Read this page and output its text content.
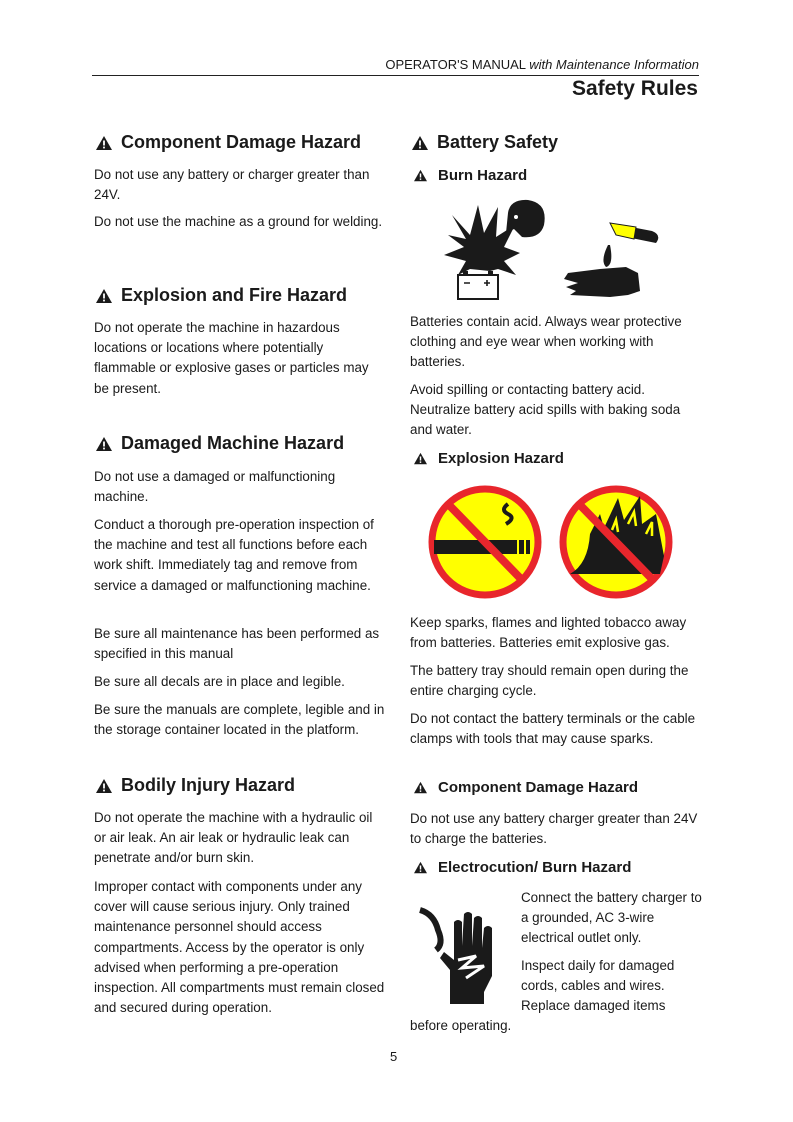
OPERATOR'S MANUAL with Maintenance Information
Safety Rules
Component Damage Hazard
Do not use any battery or charger greater than 24V.
Do not use the machine as a ground for welding.
Explosion and Fire Hazard
Do not operate the machine in hazardous locations or locations where potentially flammable or explosive gases or particles may be present.
Damaged Machine Hazard
Do not use a damaged or malfunctioning machine.
Conduct a thorough pre-operation inspection of the machine and test all functions before each work shift. Immediately tag and remove from service a damaged or malfunctioning machine.
Be sure all maintenance has been performed as specified in this manual
Be sure all decals are in place and legible.
Be sure the manuals are complete, legible and in the storage container located in the platform.
Bodily Injury Hazard
Do not operate the machine with a hydraulic oil or air leak. An air leak or hydraulic leak can penetrate and/or burn skin.
Improper contact with components under any cover will cause serious injury. Only trained maintenance personnel should access compartments. Access by the operator is only advised when performing a pre-operation inspection. All compartments must remain closed and secured during operation.
Battery Safety
Burn Hazard
Batteries contain acid. Always wear protective clothing and eye wear when working with batteries.
Avoid spilling or contacting battery acid. Neutralize battery acid spills with baking soda and water.
Explosion Hazard
Keep sparks, flames and lighted tobacco away from batteries. Batteries emit explosive gas.
The battery tray should remain open during the entire charging cycle.
Do not contact the battery terminals or the cable clamps with tools that may cause sparks.
Component Damage Hazard
Do not use any battery charger greater than 24V to charge the batteries.
Electrocution/ Burn Hazard
Connect the battery charger to a grounded, AC 3-wire electrical outlet only.
Inspect daily for damaged cords, cables and wires. Replace damaged items
before operating.
5
